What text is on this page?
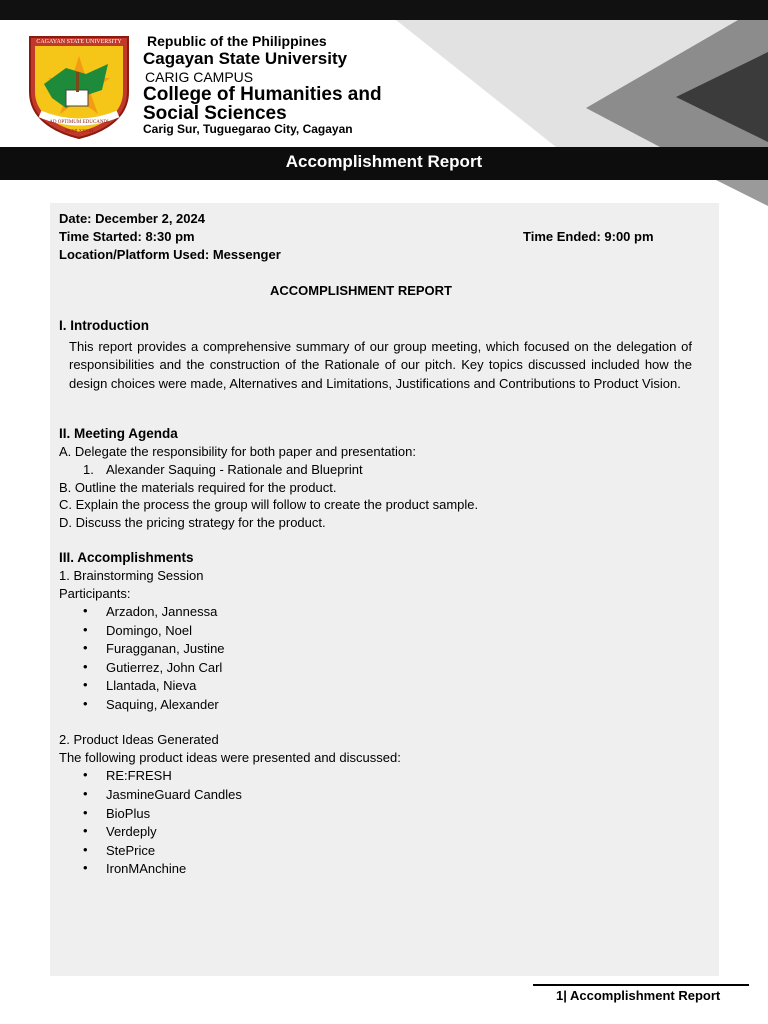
CAGAYAN STATE UNIVERSITY
AD OPTIMUM EDUCANDI
MCMLXXVIII
Republic of the Philippines
Cagayan State University
CARIG CAMPUS
College of Humanities and
Social Sciences
Carig Sur, Tuguegarao City, Cagayan
Accomplishment Report
Date: December 2, 2024
Time Started: 8:30 pm	Time Ended: 9:00 pm
Location/Platform Used: Messenger
ACCOMPLISHMENT REPORT
I. Introduction
This report provides a comprehensive summary of our group meeting, which focused on the delegation of responsibilities and the construction of the Rationale of our pitch. Key topics discussed included how the design choices were made, Alternatives and Limitations, Justifications and Contributions to Product Vision.
II. Meeting Agenda
A. Delegate the responsibility for both paper and presentation:
1. Alexander Saquing - Rationale and Blueprint
B. Outline the materials required for the product.
C. Explain the process the group will follow to create the product sample.
D. Discuss the pricing strategy for the product.
III. Accomplishments
1. Brainstorming Session
Participants:
• Arzadon, Jannessa
• Domingo, Noel
• Furagganan, Justine
• Gutierrez, John Carl
• Llantada, Nieva
• Saquing, Alexander
2. Product Ideas Generated
The following product ideas were presented and discussed:
• RE:FRESH
• JasmineGuard Candles
• BioPlus
• Verdeply
• StePrice
• IronMAnchine
1| Accomplishment Report
